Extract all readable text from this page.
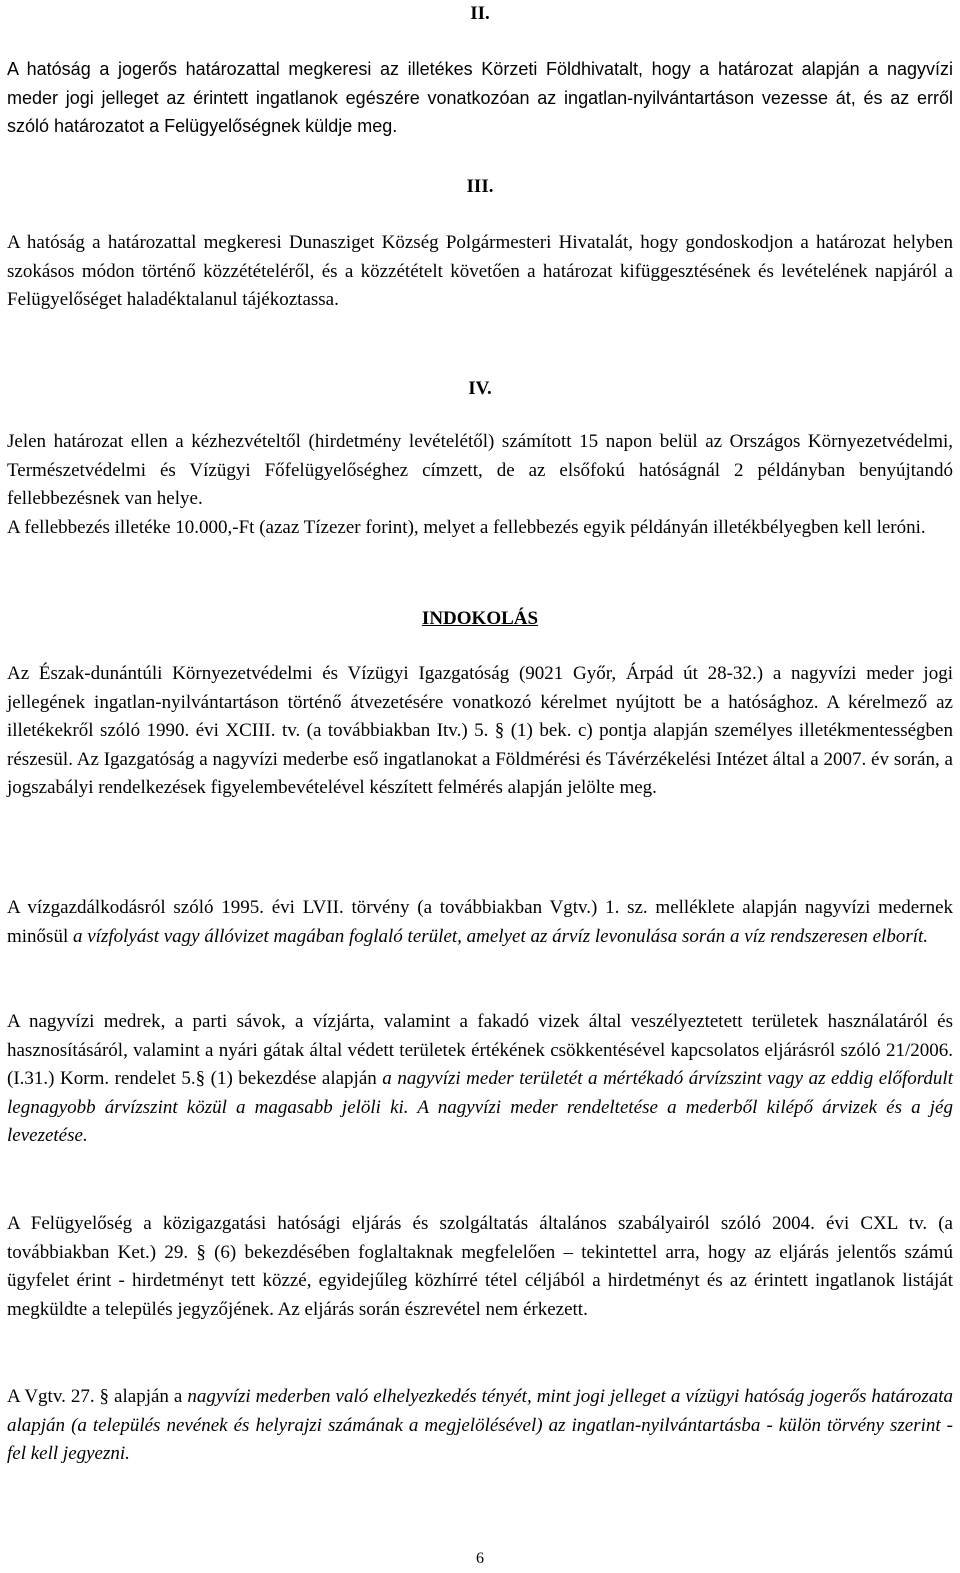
II.

A hatóság a jogerős határozattal megkeresi az illetékes Körzeti Földhivatalt, hogy a határozat alapján a nagyvízi meder jogi jelleget az érintett ingatlanok egészére vonatkozóan az ingatlan-nyilvántartáson vezesse át, és az erről szóló határozatot a Felügyelőségnek küldje meg.

III.

A hatóság a határozattal megkeresi Dunasziget Község Polgármesteri Hivatalát, hogy gondoskodjon a határozat helyben szokásos módon történő közzétételéről, és a közzétételt követően a határozat kifüggesztésének és levételének napjáról a Felügyelőséget haladéktalanul tájékoztassa.

IV.

Jelen határozat ellen a kézhezvételtől (hirdetmény levételétől) számított 15 napon belül az Országos Környezetvédelmi, Természetvédelmi és Vízügyi Főfelügyelőséghez címzett, de az elsőfokú hatóságnál 2 példányban benyújtandó fellebbezésnek van helye.

A fellebbezés illetéke 10.000,-Ft (azaz Tízezer forint), melyet a fellebbezés egyik példányán illetékbélyegben kell leróni.

INDOKOLÁS

Az Észak-dunántúli Környezetvédelmi és Vízügyi Igazgatóság (9021 Győr, Árpád út 28-32.) a nagyvízi meder jogi jellegének ingatlan-nyilvántartáson történő átvezetésére vonatkozó kérelmet nyújtott be a hatósághoz. A kérelmező az illetékekről szóló 1990. évi XCIII. tv. (a továbbiakban Itv.) 5. § (1) bek. c) pontja alapján személyes illetékmentességben részesül. Az Igazgatóság a nagyvízi mederbe eső ingatlanokat a Földmérési és Távérzékelési Intézet által a 2007. év során, a jogszabályi rendelkezések figyelembevételével készített felmérés alapján jelölte meg.

A vízgazdálkodásról szóló 1995. évi LVII. törvény (a továbbiakban Vgtv.) 1. sz. melléklete alapján nagyvízi medernek minősül a vízfolyást vagy állóvizet magában foglaló terület, amelyet az árvíz levonulása során a víz rendszeresen elborít.

A nagyvízi medrek, a parti sávok, a vízjárta, valamint a fakadó vizek által veszélyeztetett területek használatáról és hasznosításáról, valamint a nyári gátak által védett területek értékének csökkentésével kapcsolatos eljárásról szóló 21/2006. (I.31.) Korm. rendelet 5.§ (1) bekezdése alapján a nagyvízi meder területét a mértékadó árvízszint vagy az eddig előfordult legnagyobb árvízszint közül a magasabb jelöli ki. A nagyvízi meder rendeltetése a mederből kilépő árvizek és a jég levezetése.

A Felügyelőség a közigazgatási hatósági eljárás és szolgáltatás általános szabályairól szóló 2004. évi CXL tv. (a továbbiakban Ket.) 29. § (6) bekezdésében foglaltaknak megfelelően – tekintettel arra, hogy az eljárás jelentős számú ügyfelet érint - hirdetményt tett közzé, egyidejűleg közhírré tétel céljából a hirdetményt és az érintett ingatlanok listáját megküldte a település jegyzőjének. Az eljárás során észrevétel nem érkezett.

A Vgtv. 27. § alapján a nagyvízi mederben való elhelyezkedés tényét, mint jogi jelleget a vízügyi hatóság jogerős határozata alapján (a település nevének és helyrajzi számának a megjelölésével) az ingatlan-nyilvántartásba - külön törvény szerint - fel kell jegyezni.

6
